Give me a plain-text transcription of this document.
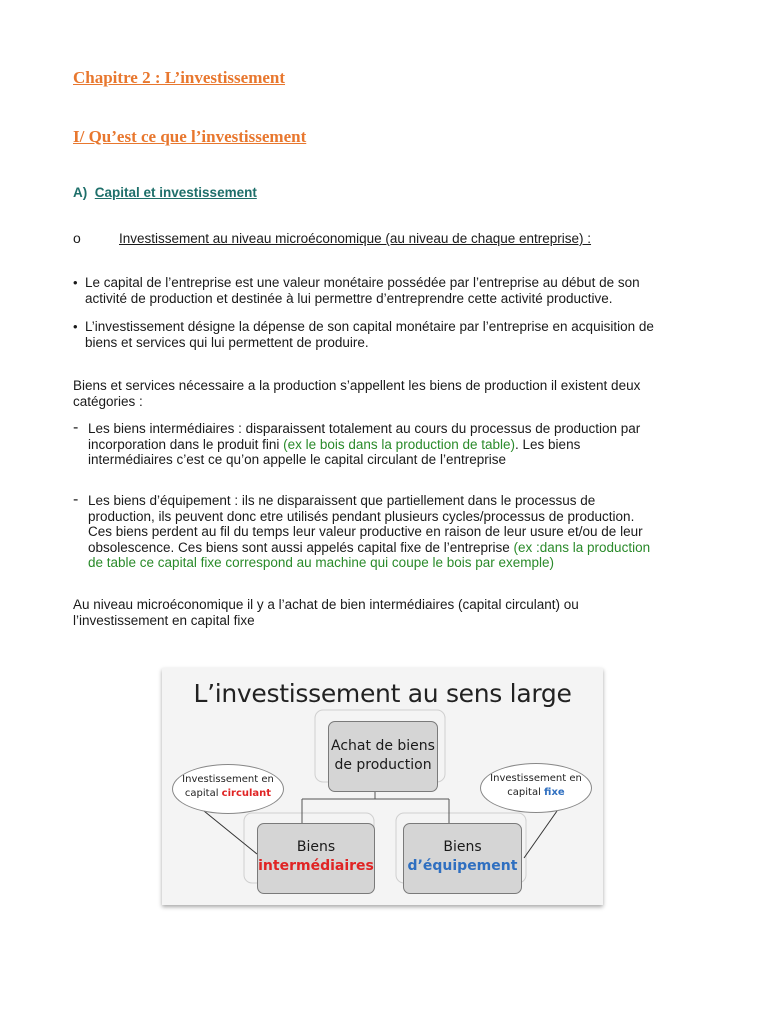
Chapitre 2 : L’investissement
I/ Qu’est ce que l’investissement
A) Capital et investissement
o	Investissement au niveau microéconomique (au niveau de chaque entreprise) :
• Le capital de l’entreprise est une valeur monétaire possédée par l’entreprise au début de son
activité de production et destinée à lui permettre d’entreprendre cette activité productive.
• L’investissement désigne la dépense de son capital monétaire par l’entreprise en acquisition de
biens et services qui lui permettent de produire.
Biens et services nécessaire a la production s’appellent les biens de production il existent deux
catégories :
- Les biens intermédiaires : disparaissent totalement au cours du processus de production par
incorporation dans le produit fini (ex le bois dans la production de table). Les biens
intermédiaires c’est ce qu’on appelle le capital circulant de l’entreprise
- Les biens d’équipement : ils ne disparaissent que partiellement dans le processus de
production, ils peuvent donc etre utilisés pendant plusieurs cycles/processus de production.
Ces biens perdent au fil du temps leur valeur productive en raison de leur usure et/ou de leur
obsolescence. Ces biens sont aussi appelés capital fixe de l’entreprise (ex :dans la production
de table ce capital fixe correspond au machine qui coupe le bois par exemple)
Au niveau microéconomique il y a l’achat de bien intermédiaires (capital circulant) ou
l’investissement en capital fixe
L’investissement au sens large
Achat de biens
de production
Biens
intermédiaires
Biens
d’équipement
Investissement en
capital circulant
Investissement en
capital fixe
